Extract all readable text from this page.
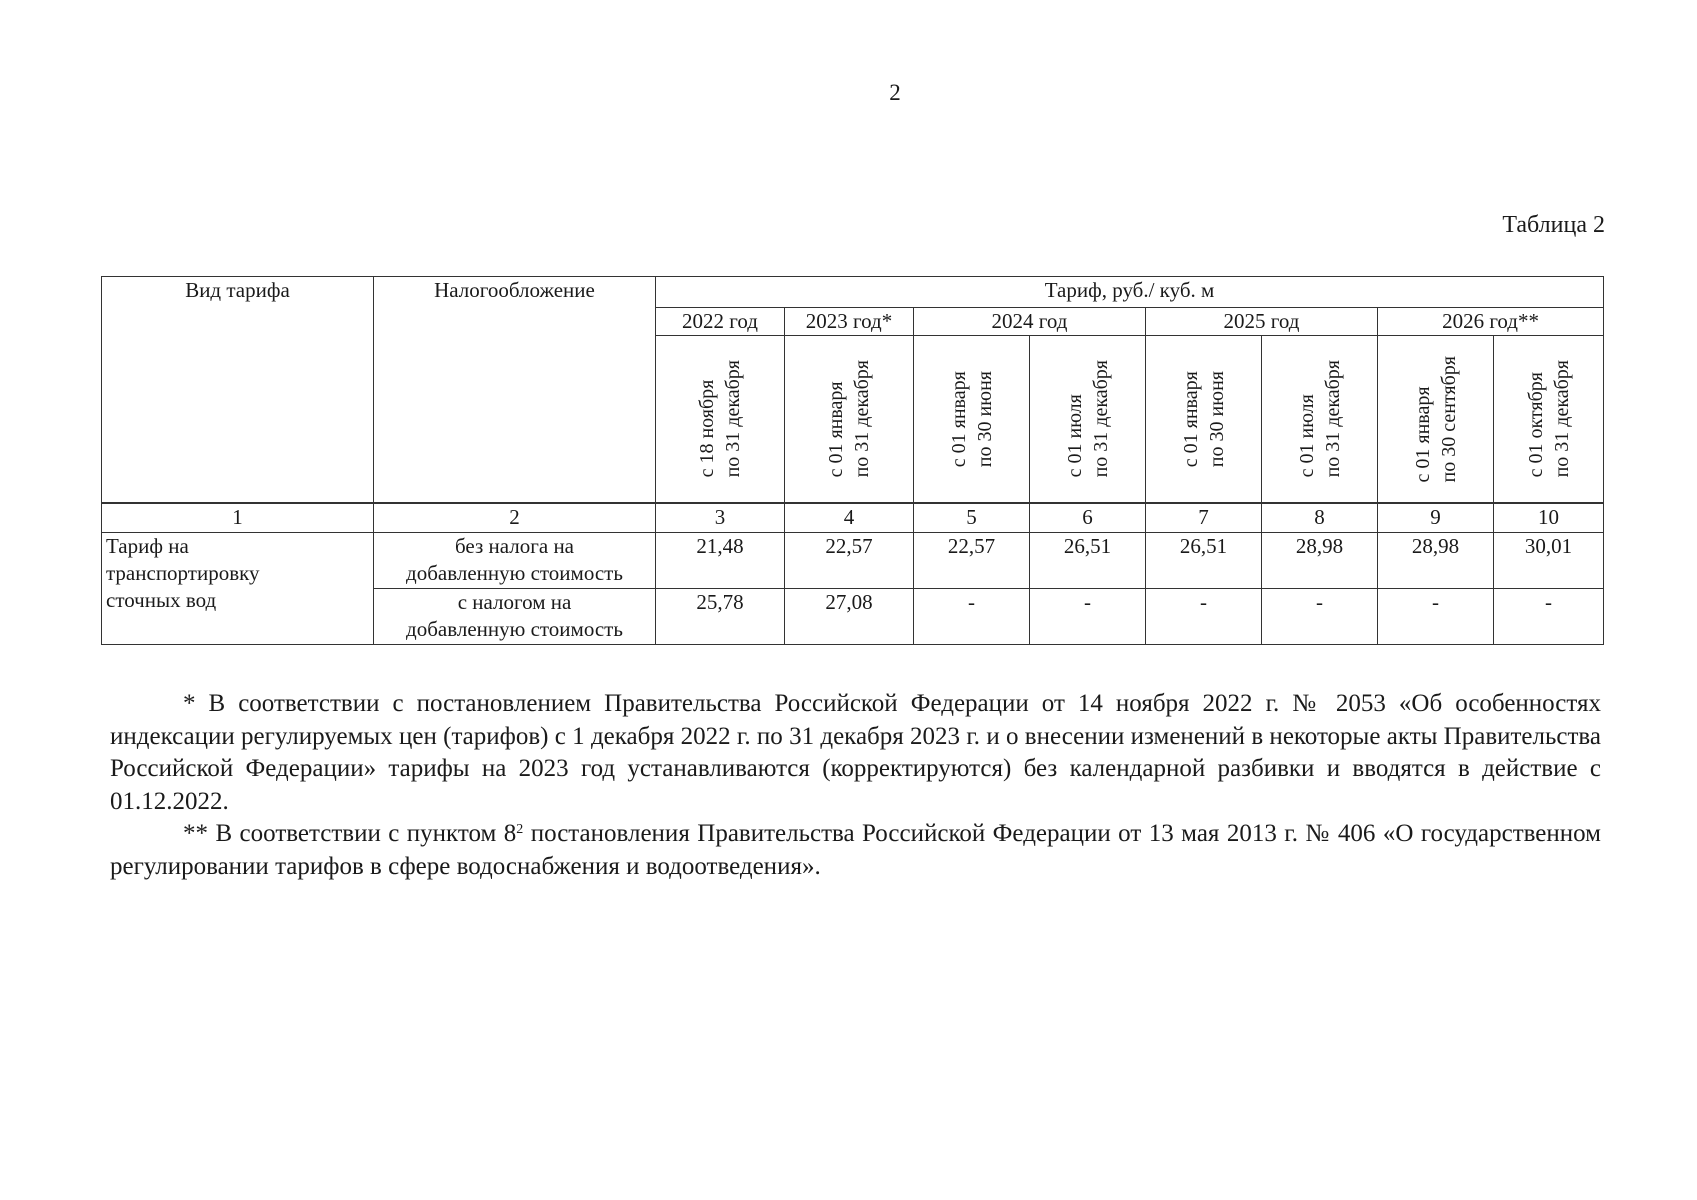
2
Таблица 2
Вид тарифа	Налогообложение	Тариф, руб./ куб. м							
		2022 год	2023 год*	2024 год		2025 год		2026 год**	

		с 18 ноября по 31 декабря	с 01 января по 31 декабря	с 01 января по 30 июня	с 01 июля по 31 декабря	с 01 января по 30 июня	с 01 июля по 31 декабря	с 01 января по 30 сентября	с 01 октября по 31 декабря

1	2	3	4	5	6	7	8	9	10

Тариф на
транспортировку
сточных вод	без налога на
добавленную стоимость	21,48	22,57	22,57	26,51	26,51	28,98	28,98	30,01

	с налогом на
добавленную стоимость	25,78	27,08	-	-	-	-	-	-

* В соответствии с постановлением Правительства Российской Федерации от 14 ноября 2022 г. № 2053 «Об особенностях индексации регулируемых цен (тарифов) с 1 декабря 2022 г. по 31 декабря 2023 г. и о внесении изменений в некоторые акты Правительства Российской Федерации» тарифы на 2023 год устанавливаются (корректируются) без календарной разбивки и вводятся в действие с 01.12.2022.

** В соответствии с пунктом $8^2$ постановления Правительства Российской Федерации от 13 мая 2013 г. № 406 «О государственном регулировании тарифов в сфере водоснабжения и водоотведения».
